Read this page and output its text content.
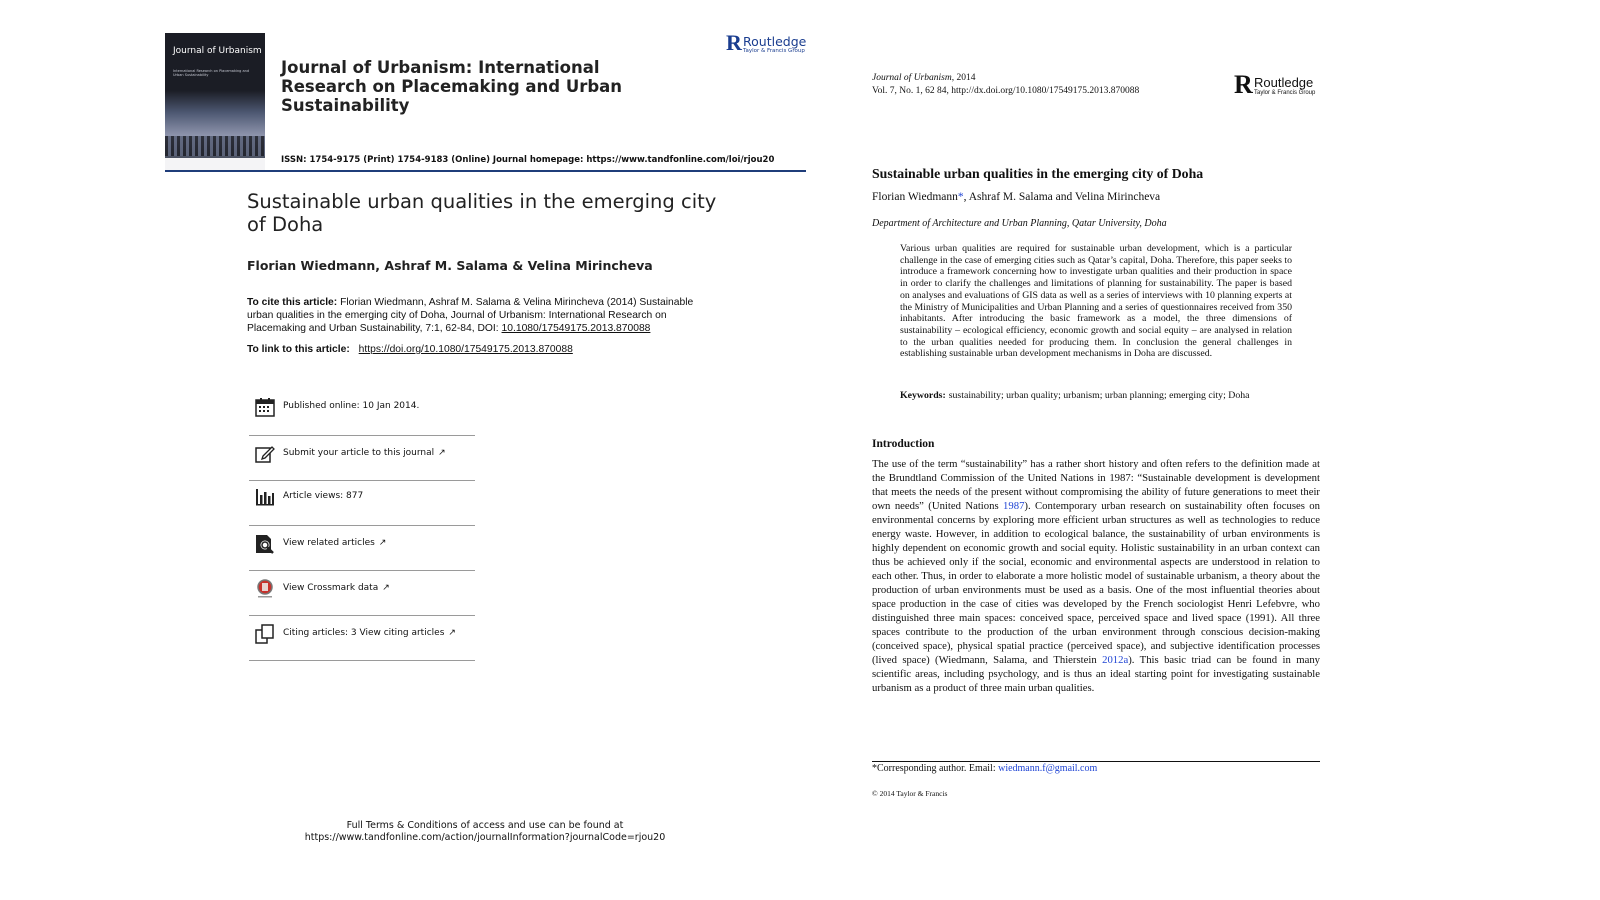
Journal of Urbanism
International Research on Placemaking and Urban Sustainability	Journal of Urbanism: International Research on Placemaking and Urban Sustainability
R Routledge
Taylor & Francis Group
ISSN: 1754-9175 (Print) 1754-9183 (Online) Journal homepage: https://www.tandfonline.com/loi/rjou20
Sustainable urban qualities in the emerging city of Doha
Florian Wiedmann, Ashraf M. Salama & Velina Mirincheva
To cite this article: Florian Wiedmann, Ashraf M. Salama & Velina Mirincheva (2014) Sustainable urban qualities in the emerging city of Doha, Journal of Urbanism: International Research on Placemaking and Urban Sustainability, 7:1, 62-84, DOI: 10.1080/17549175.2013.870088
To link to this article: https://doi.org/10.1080/17549175.2013.870088
Published online: 10 Jan 2014.
Submit your article to this journal ↗
Article views: 877
View related articles ↗
View Crossmark data ↗
Citing articles: 3 View citing articles ↗
Full Terms & Conditions of access and use can be found at
https://www.tandfonline.com/action/journalInformation?journalCode=rjou20
Journal of Urbanism, 2014
Vol. 7, No. 1, 62 84, http://dx.doi.org/10.1080/17549175.2013.870088	R Routledge
Taylor & Francis Group
Sustainable urban qualities in the emerging city of Doha
Florian Wiedmann*, Ashraf M. Salama and Velina Mirincheva
Department of Architecture and Urban Planning, Qatar University, Doha
Various urban qualities are required for sustainable urban development, which is a particular challenge in the case of emerging cities such as Qatar’s capital, Doha. Therefore, this paper seeks to introduce a framework concerning how to investigate urban qualities and their production in space in order to clarify the challenges and limitations of planning for sustainability. The paper is based on analyses and evaluations of GIS data as well as a series of interviews with 10 planning experts at the Ministry of Municipalities and Urban Planning and a series of questionnaires received from 350 inhabitants. After introducing the basic framework as a model, the three dimensions of sustainability – ecological efficiency, economic growth and social equity – are analysed in relation to the urban qualities needed for producing them. In conclusion the general challenges in establishing sustainable urban development mechanisms in Doha are discussed.
Keywords: sustainability; urban quality; urbanism; urban planning; emerging city; Doha
Introduction
The use of the term “sustainability” has a rather short history and often refers to the definition made at the Brundtland Commission of the United Nations in 1987: “Sustainable development is development that meets the needs of the present without compromising the ability of future generations to meet their own needs” (United Nations 1987). Contemporary urban research on sustainability often focuses on environmental concerns by exploring more efficient urban structures as well as technologies to reduce energy waste. However, in addition to ecological balance, the sustainability of urban environments is highly dependent on economic growth and social equity. Holistic sustainability in an urban context can thus be achieved only if the social, economic and environmental aspects are understood in relation to each other. Thus, in order to elaborate a more holistic model of sustainable urbanism, a theory about the production of urban environments must be used as a basis. One of the most influential theories about space production in the case of cities was developed by the French sociologist Henri Lefebvre, who distinguished three main spaces: conceived space, perceived space and lived space (1991). All three spaces contribute to the production of the urban environment through conscious decision-making (conceived space), physical spatial practice (perceived space), and subjective identification processes (lived space) (Wiedmann, Salama, and Thierstein 2012a). This basic triad can be found in many scientific areas, including psychology, and is thus an ideal starting point for investigating sustainable urbanism as a product of three main urban qualities.
*Corresponding author. Email: wiedmann.f@gmail.com
© 2014 Taylor & Francis
